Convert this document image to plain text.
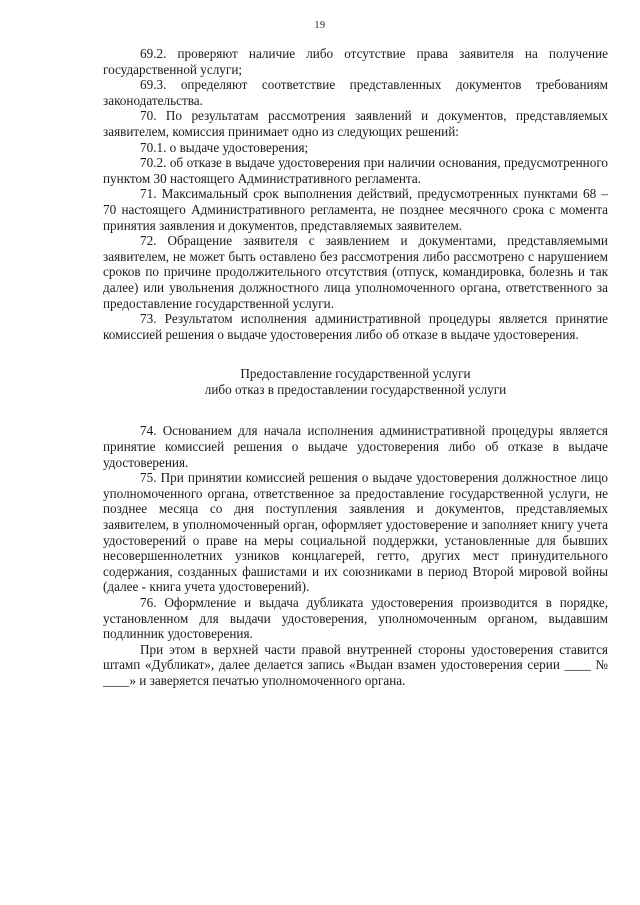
19

69.2. проверяют наличие либо отсутствие права заявителя на получение государственной услуги;

69.3. определяют соответствие представленных документов требованиям законодательства.

70. По результатам рассмотрения заявлений и документов, представляемых заявителем, комиссия принимает одно из следующих решений:

70.1. о выдаче удостоверения;

70.2. об отказе в выдаче удостоверения при наличии основания, предусмотренного пунктом 30 настоящего Административного регламента.

71. Максимальный срок выполнения действий, предусмотренных пунктами 68 – 70 настоящего Административного регламента, не позднее месячного срока с момента принятия заявления и документов, представляемых заявителем.

72. Обращение заявителя с заявлением и документами, представляемыми заявителем, не может быть оставлено без рассмотрения либо рассмотрено с нарушением сроков по причине продолжительного отсутствия (отпуск, командировка, болезнь и так далее) или увольнения должностного лица уполномоченного органа, ответственного за предоставление государственной услуги.

73. Результатом исполнения административной процедуры является принятие комиссией решения о выдаче удостоверения либо об отказе в выдаче удостоверения.

Предоставление государственной услуги
либо отказ в предоставлении государственной услуги

74. Основанием для начала исполнения административной процедуры является принятие комиссией решения о выдаче удостоверения либо об отказе в выдаче удостоверения.

75. При принятии комиссией решения о выдаче удостоверения должностное лицо уполномоченного органа, ответственное за предоставление государственной услуги, не позднее месяца со дня поступления заявления и документов, представляемых заявителем, в уполномоченный орган, оформляет удостоверение и заполняет книгу учета удостоверений о праве на меры социальной поддержки, установленные для бывших несовершеннолетних узников концлагерей, гетто, других мест принудительного содержания, созданных фашистами и их союзниками в период Второй мировой войны (далее - книга учета удостоверений).

76. Оформление и выдача дубликата удостоверения производится в порядке, установленном для выдачи удостоверения, уполномоченным органом, выдавшим подлинник удостоверения.

При этом в верхней части правой внутренней стороны удостоверения ставится штамп «Дубликат», далее делается запись «Выдан взамен удостоверения серии ____ № ____» и заверяется печатью уполномоченного органа.
